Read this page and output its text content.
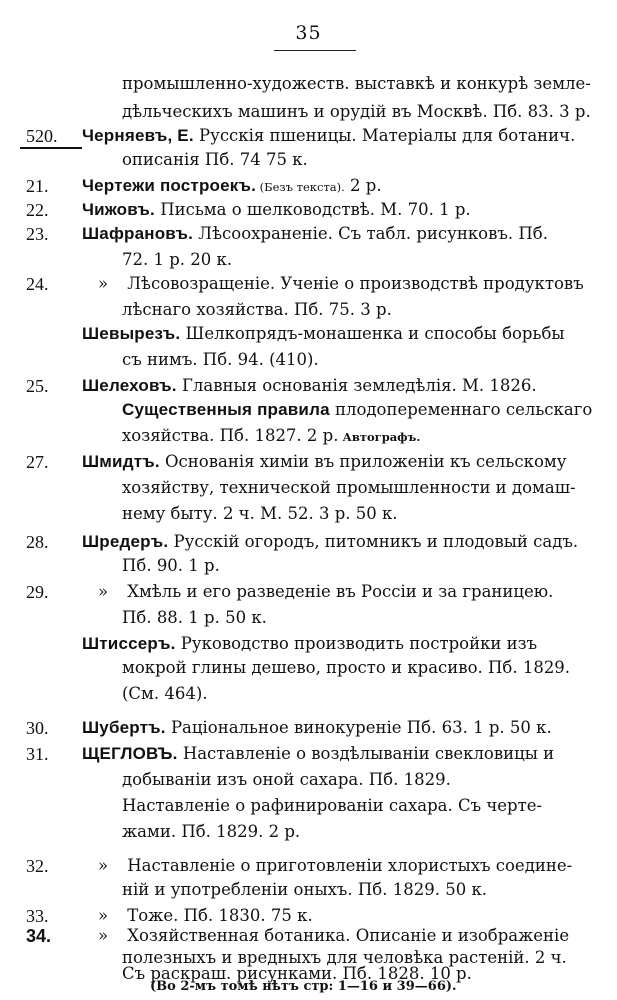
35
промышленно-художеств. выставкѣ и конкурѣ земле-
дѣльческихъ машинъ и орудій въ Москвѣ. Пб. 83. 3 р.
520.	Черняевъ, Е. Русскія пшеницы. Матеріалы для ботанич.
описанія Пб. 74 75 к.
21.	Чертежи построекъ. (Безъ текста). 2 р.
22.	Чижовъ. Письма о шелководствѣ. М. 70. 1 р.
23.	Шафрановъ. Лѣсоохраненіе. Съ табл. рисунковъ. Пб.
72. 1 р. 20 к.
24.	» Лѣсовозращеніе. Ученіе о производствѣ продуктовъ
лѣснаго хозяйства. Пб. 75. 3 р.
Шевырезъ. Шелкопрядъ-монашенка и способы борьбы
съ нимъ. Пб. 94. (410).
25.	Шелеховъ. Главныя основанія земледѣлія. М. 1826.
Существенныя правила плодопеременнаго сельскаго
хозяйства. Пб. 1827. 2 р. Автографъ.
27.	Шмидтъ. Основанія химіи въ приложеніи къ сельскому
хозяйству, технической промышленности и домаш-
нему быту. 2 ч. М. 52. 3 р. 50 к.
28.	Шредеръ. Русскій огородъ, питомникъ и плодовый садъ.
Пб. 90. 1 р.
29.	» Хмѣль и его разведеніе въ Россіи и за границею.
Пб. 88. 1 р. 50 к.
Штиссеръ. Руководство производить постройки изъ
мокрой глины дешево, просто и красиво. Пб. 1829.
(См. 464).
30.	Шубертъ. Раціональное винокуреніе Пб. 63. 1 р. 50 к.
31.	ЩЕГЛОВЪ. Наставленіе о воздѣлываніи свекловицы и
добываніи изъ оной сахара. Пб. 1829.
Наставленіе о рафинированіи сахара. Съ черте-
жами. Пб. 1829. 2 р.
32.	» Наставленіе о приготовленіи хлористыхъ соедине-
ній и употребленіи оныхъ. Пб. 1829. 50 к.
33.	» Тоже. Пб. 1830. 75 к.
34.	» Хозяйственная ботаника. Описаніе и изображеніе
полезныхъ и вредныхъ для человѣка растеній. 2 ч.
Съ раскраш. рисунками. Пб. 1828. 10 р.
(Во 2-мъ томѣ нѣтъ стр: 1—16 и 39—66).
